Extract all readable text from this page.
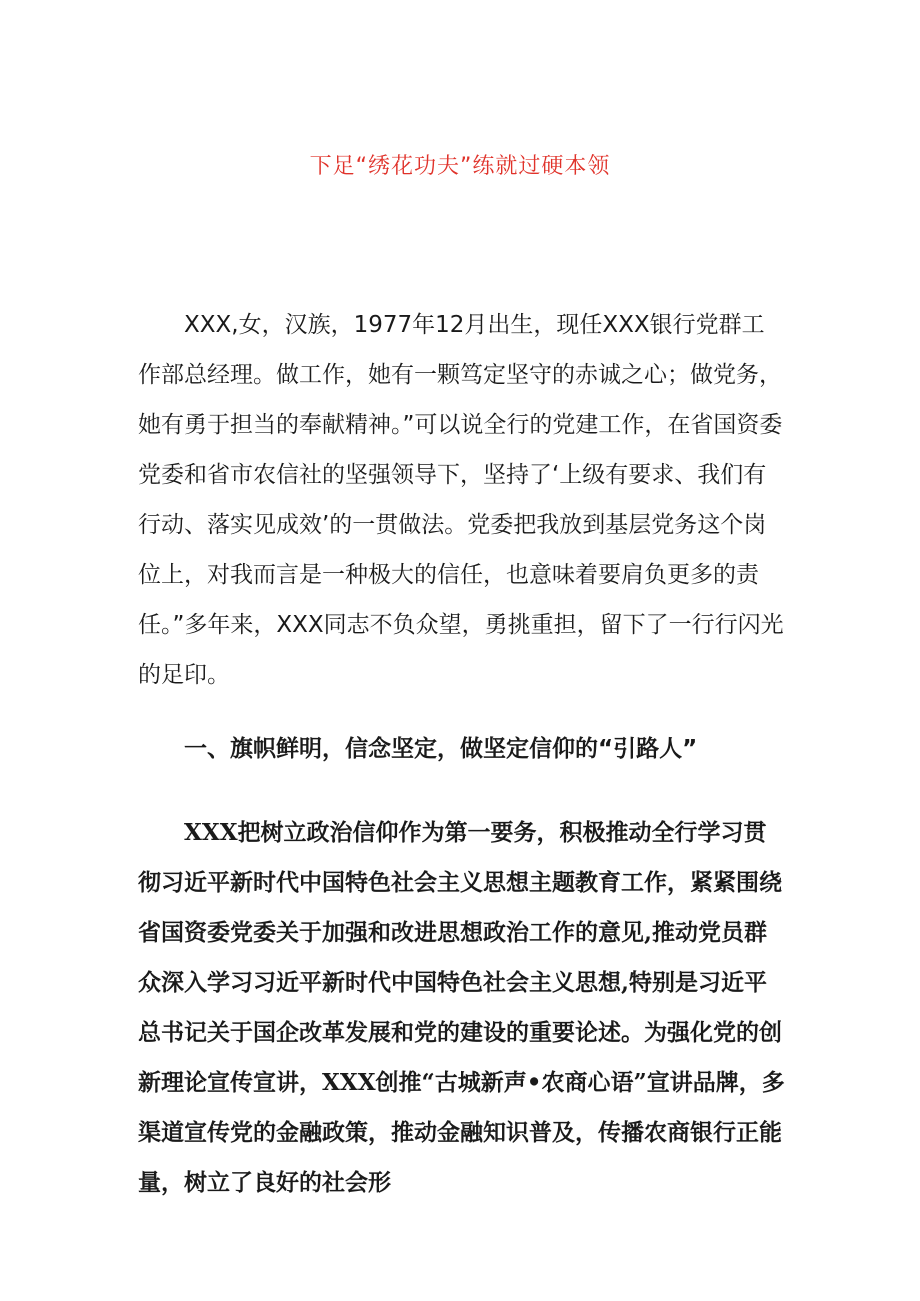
下足“绣花功夫”练就过硬本领

XXX,女，汉族，1977年12月出生，现任XXX银行党群工作部总经理。做工作，她有一颗笃定坚守的赤诚之心；做党务，她有勇于担当的奉献精神。”可以说全行的党建工作，在省国资委党委和省市农信社的坚强领导下，坚持了‘上级有要求、我们有行动、落实见成效’的一贯做法。党委把我放到基层党务这个岗位上，对我而言是一种极大的信任，也意味着要肩负更多的责任。”多年来，XXX同志不负众望，勇挑重担，留下了一行行闪光的足印。

一、旗帜鲜明，信念坚定，做坚定信仰的“引路人”

XXX把树立政治信仰作为第一要务，积极推动全行学习贯彻习近平新时代中国特色社会主义思想主题教育工作，紧紧围绕省国资委党委关于加强和改进思想政治工作的意见,推动党员群众深入学习习近平新时代中国特色社会主义思想,特别是习近平总书记关于国企改革发展和党的建设的重要论述。为强化党的创新理论宣传宣讲，XXX创推“古城新声•农商心语”宣讲品牌，多渠道宣传党的金融政策，推动金融知识普及，传播农商银行正能量，树立了良好的社会形
